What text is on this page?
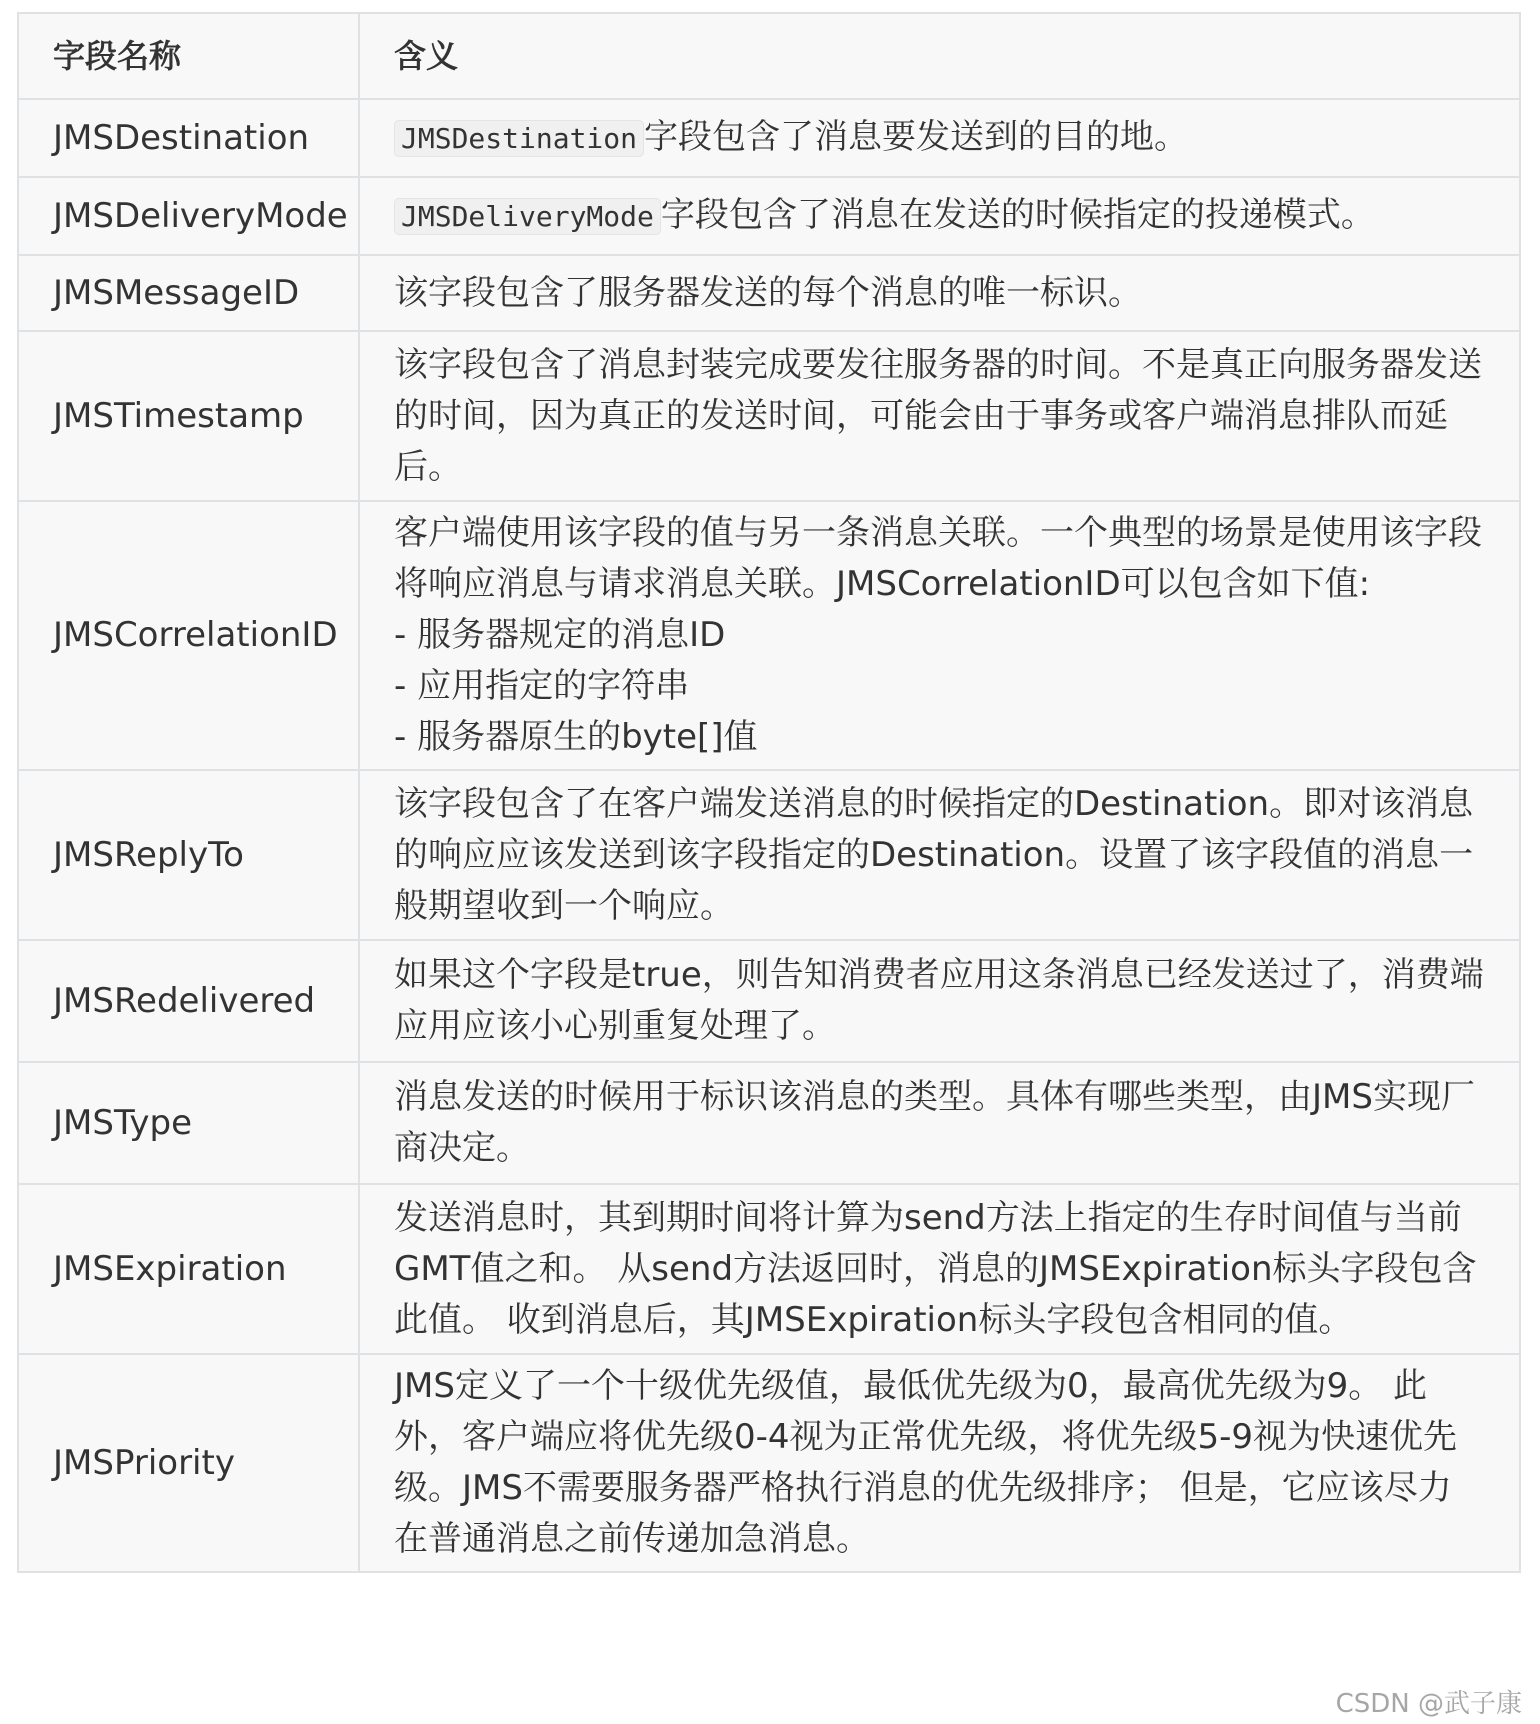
字段名称	含义
JMSDestination	JMSDestination 字段包含了消息要发送到的目的地。

JMSDeliveryMode	JMSDeliveryMode 字段包含了消息在发送的时候指定的投递模式。

JMSMessageID	该字段包含了服务器发送的每个消息的唯一标识。

JMSTimestamp	该字段包含了消息封装完成要发往服务器的时间。不是真正向服务器发送的时间，因为真正的发送时间，可能会由于事务或客户端消息排队而延后。

JMSCorrelationID	客户端使用该字段的值与另一条消息关联。一个典型的场景是使用该字段将响应消息与请求消息关联。JMSCorrelationID可以包含如下值:
- 服务器规定的消息ID
- 应用指定的字符串
- 服务器原生的byte[]值

JMSReplyTo	该字段包含了在客户端发送消息的时候指定的Destination。即对该消息的响应应该发送到该字段指定的Destination。设置了该字段值的消息一般期望收到一个响应。

JMSRedelivered	如果这个字段是true，则告知消费者应用这条消息已经发送过了，消费端应用应该小心别重复处理了。

JMSType	消息发送的时候用于标识该消息的类型。具体有哪些类型，由JMS实现厂商决定。

JMSExpiration	发送消息时，其到期时间将计算为send方法上指定的生存时间值与当前GMT值之和。 从send方法返回时，消息的JMSExpiration标头字段包含此值。 收到消息后，其JMSExpiration标头字段包含相同的值。

JMSPriority	JMS定义了一个十级优先级值，最低优先级为0，最高优先级为9。 此外，客户端应将优先级0-4视为正常优先级，将优先级5-9视为快速优先级。JMS不需要服务器严格执行消息的优先级排序； 但是，它应该尽力在普通消息之前传递加急消息。
CSDN @武子康
